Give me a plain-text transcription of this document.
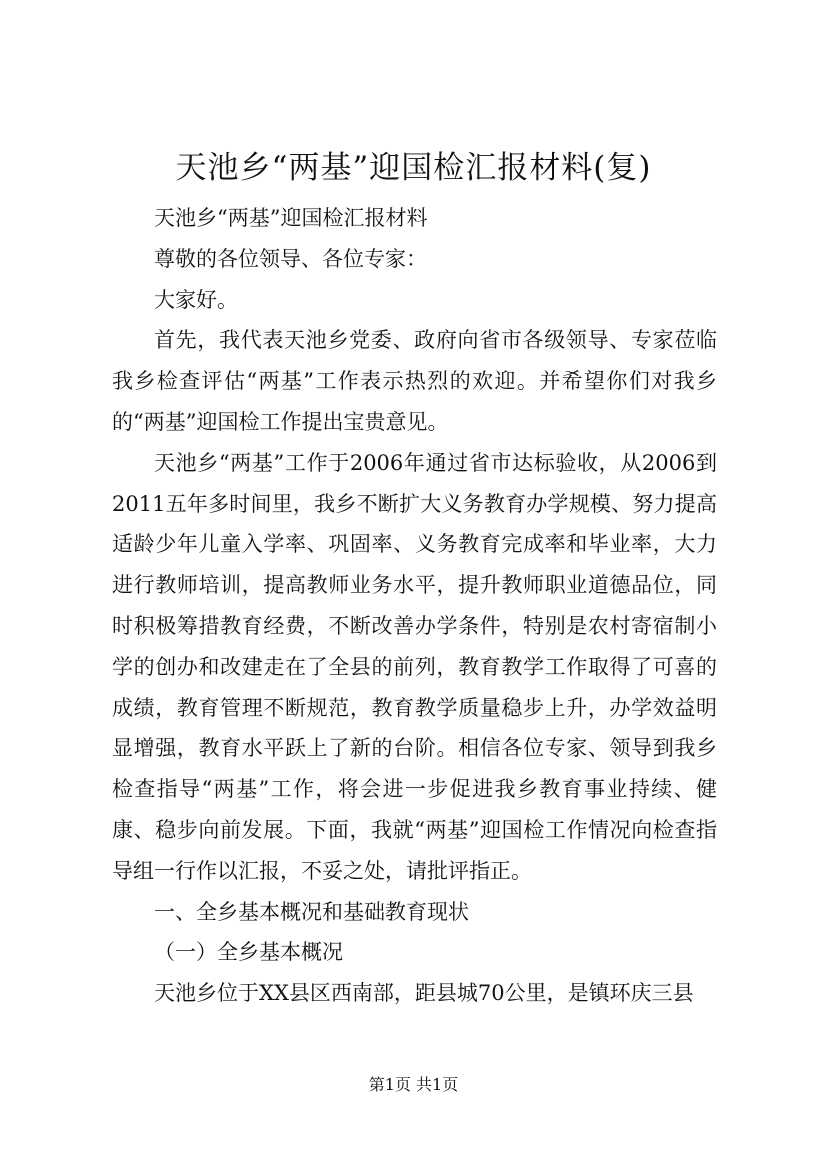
天池乡“两基”迎国检汇报材料(复)

天池乡“两基”迎国检汇报材料

尊敬的各位领导、各位专家：

大家好。

首先，我代表天池乡党委、政府向省市各级领导、专家莅临我乡检查评估“两基”工作表示热烈的欢迎。并希望你们对我乡的“两基”迎国检工作提出宝贵意见。

天池乡“两基”工作于2006年通过省市达标验收，从2006到2011五年多时间里，我乡不断扩大义务教育办学规模、努力提高适龄少年儿童入学率、巩固率、义务教育完成率和毕业率，大力进行教师培训，提高教师业务水平，提升教师职业道德品位，同时积极筹措教育经费，不断改善办学条件，特别是农村寄宿制小学的创办和改建走在了全县的前列，教育教学工作取得了可喜的成绩，教育管理不断规范，教育教学质量稳步上升，办学效益明显增强，教育水平跃上了新的台阶。相信各位专家、领导到我乡检查指导“两基”工作，将会进一步促进我乡教育事业持续、健康、稳步向前发展。下面，我就“两基”迎国检工作情况向检查指导组一行作以汇报，不妥之处，请批评指正。

一、全乡基本概况和基础教育现状

（一）全乡基本概况

天池乡位于XX县区西南部，距县城70公里，是镇环庆三县

第1页 共1页
